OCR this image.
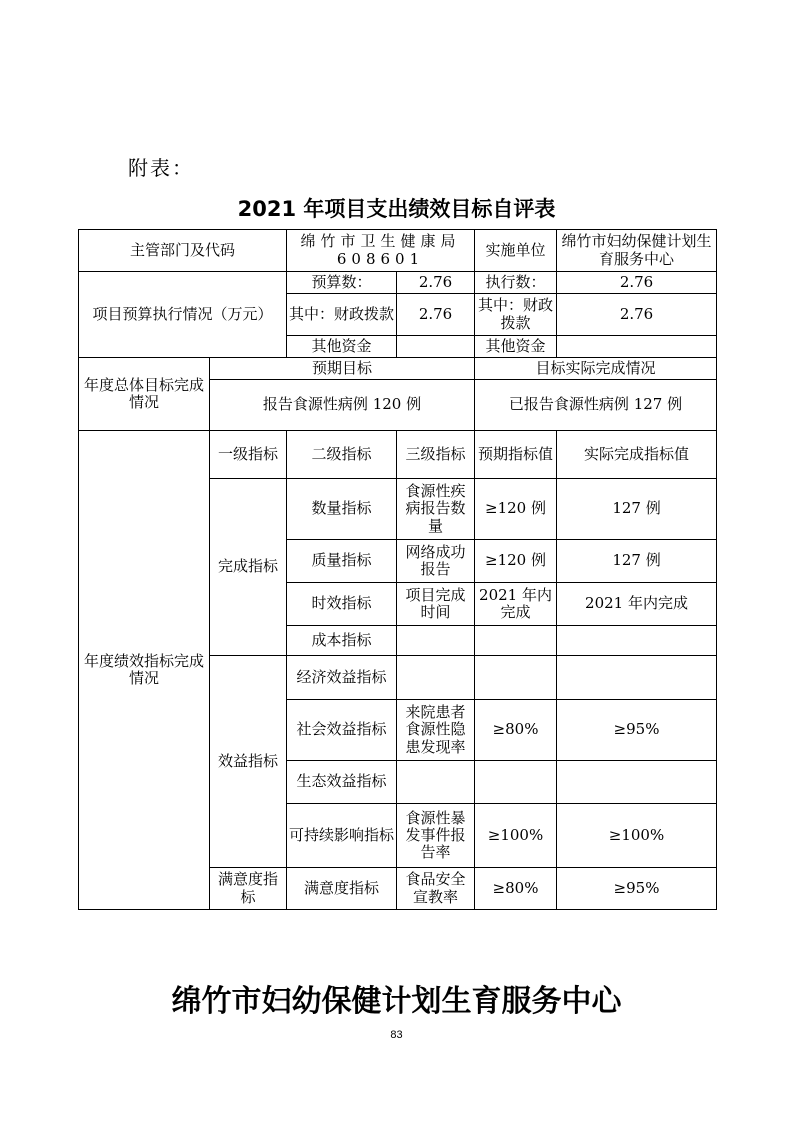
附表：
2021 年项目支出绩效目标自评表
主管部门及代码		绵竹市卫生健康局 608601		实施单位	绵竹市妇幼保健计划生育服务中心
项目预算执行情况（万元）		预算数：	2.76	执行数：	2.76
		其中：财政拨款	2.76	其中：财政拨款	2.76
		其他资金		其他资金	
年度总体目标完成情况	预期目标			目标实际完成情况	
	报告食源性病例 120 例			已报告食源性病例 127 例	
年度绩效指标完成情况	一级指标	二级指标	三级指标	预期指标值	实际完成指标值
	完成指标	数量指标	食源性疾病报告数量	≥120 例	127 例
		质量指标	网络成功报告	≥120 例	127 例
		时效指标	项目完成时间	2021 年内完成	2021 年内完成
		成本指标			
	效益指标	经济效益指标			
		社会效益指标	来院患者食源性隐患发现率	≥80%	≥95%
		生态效益指标			
		可持续影响指标	食源性暴发事件报告率	≥100%	≥100%
	满意度指标	满意度指标	食品安全宣教率	≥80%	≥95%
绵竹市妇幼保健计划生育服务中心
83
